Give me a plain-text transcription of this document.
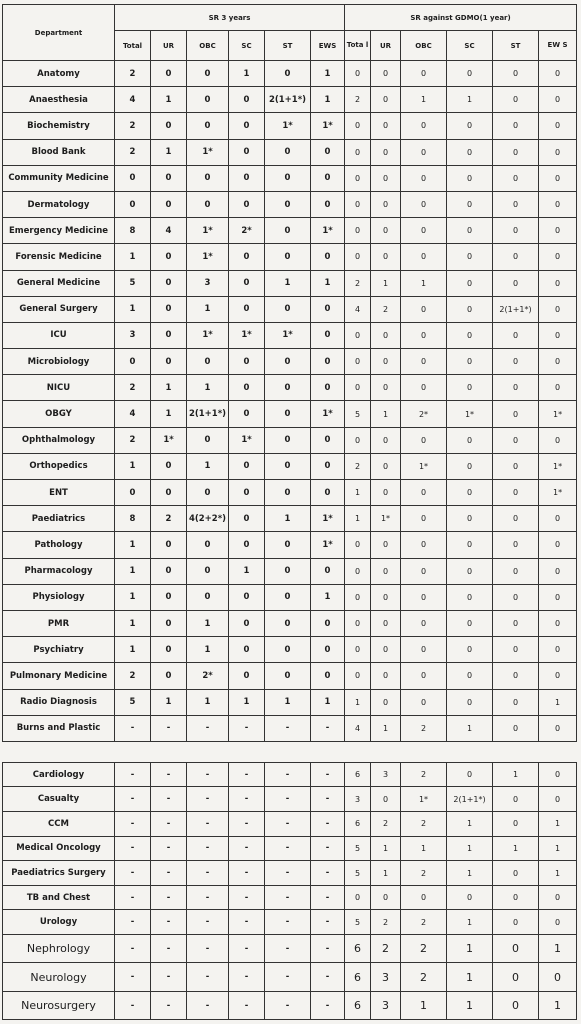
Department	SR 3 years						SR against GDMO(1 year)					
	Total	UR	OBC	SC	ST	EWS	Tota l	UR	OBC	SC	ST	EW S
Anatomy	2	0	0	1	0	1	0	0	0	0	0	0
Anaesthesia	4	1	0	0	2(1+1*)	1	2	0	1	1	0	0
Biochemistry	2	0	0	0	1*	1*	0	0	0	0	0	0
Blood Bank	2	1	1*	0	0	0	0	0	0	0	0	0
Community Medicine	0	0	0	0	0	0	0	0	0	0	0	0
Dermatology	0	0	0	0	0	0	0	0	0	0	0	0
Emergency Medicine	8	4	1*	2*	0	1*	0	0	0	0	0	0
Forensic Medicine	1	0	1*	0	0	0	0	0	0	0	0	0
General Medicine	5	0	3	0	1	1	2	1	1	0	0	0
General Surgery	1	0	1	0	0	0	4	2	0	0	2(1+1*)	0
ICU	3	0	1*	1*	1*	0	0	0	0	0	0	0
Microbiology	0	0	0	0	0	0	0	0	0	0	0	0
NICU	2	1	1	0	0	0	0	0	0	0	0	0
OBGY	4	1	2(1+1*)	0	0	1*	5	1	2*	1*	0	1*
Ophthalmology	2	1*	0	1*	0	0	0	0	0	0	0	0
Orthopedics	1	0	1	0	0	0	2	0	1*	0	0	1*
ENT	0	0	0	0	0	0	1	0	0	0	0	1*
Paediatrics	8	2	4(2+2*)	0	1	1*	1	1*	0	0	0	0
Pathology	1	0	0	0	0	1*	0	0	0	0	0	0
Pharmacology	1	0	0	1	0	0	0	0	0	0	0	0
Physiology	1	0	0	0	0	1	0	0	0	0	0	0
PMR	1	0	1	0	0	0	0	0	0	0	0	0
Psychiatry	1	0	1	0	0	0	0	0	0	0	0	0
Pulmonary Medicine	2	0	2*	0	0	0	0	0	0	0	0	0
Radio Diagnosis	5	1	1	1	1	1	1	0	0	0	0	1
Burns and Plastic	-	-	-	-	-	-	4	1	2	1	0	0
Cardiology	-	-	-	-	-	-	6	3	2	0	1	0
Casualty	-	-	-	-	-	-	3	0	1*	2(1+1*)	0	0
CCM	-	-	-	-	-	-	6	2	2	1	0	1
Medical Oncology	-	-	-	-	-	-	5	1	1	1	1	1
Paediatrics Surgery	-	-	-	-	-	-	5	1	2	1	0	1
TB and Chest	-	-	-	-	-	-	0	0	0	0	0	0
Urology	-	-	-	-	-	-	5	2	2	1	0	0
Nephrology	-	-	-	-	-	-	6	2	2	1	0	1
Neurology	-	-	-	-	-	-	6	3	2	1	0	0
Neurosurgery	-	-	-	-	-	-	6	3	1	1	0	1
